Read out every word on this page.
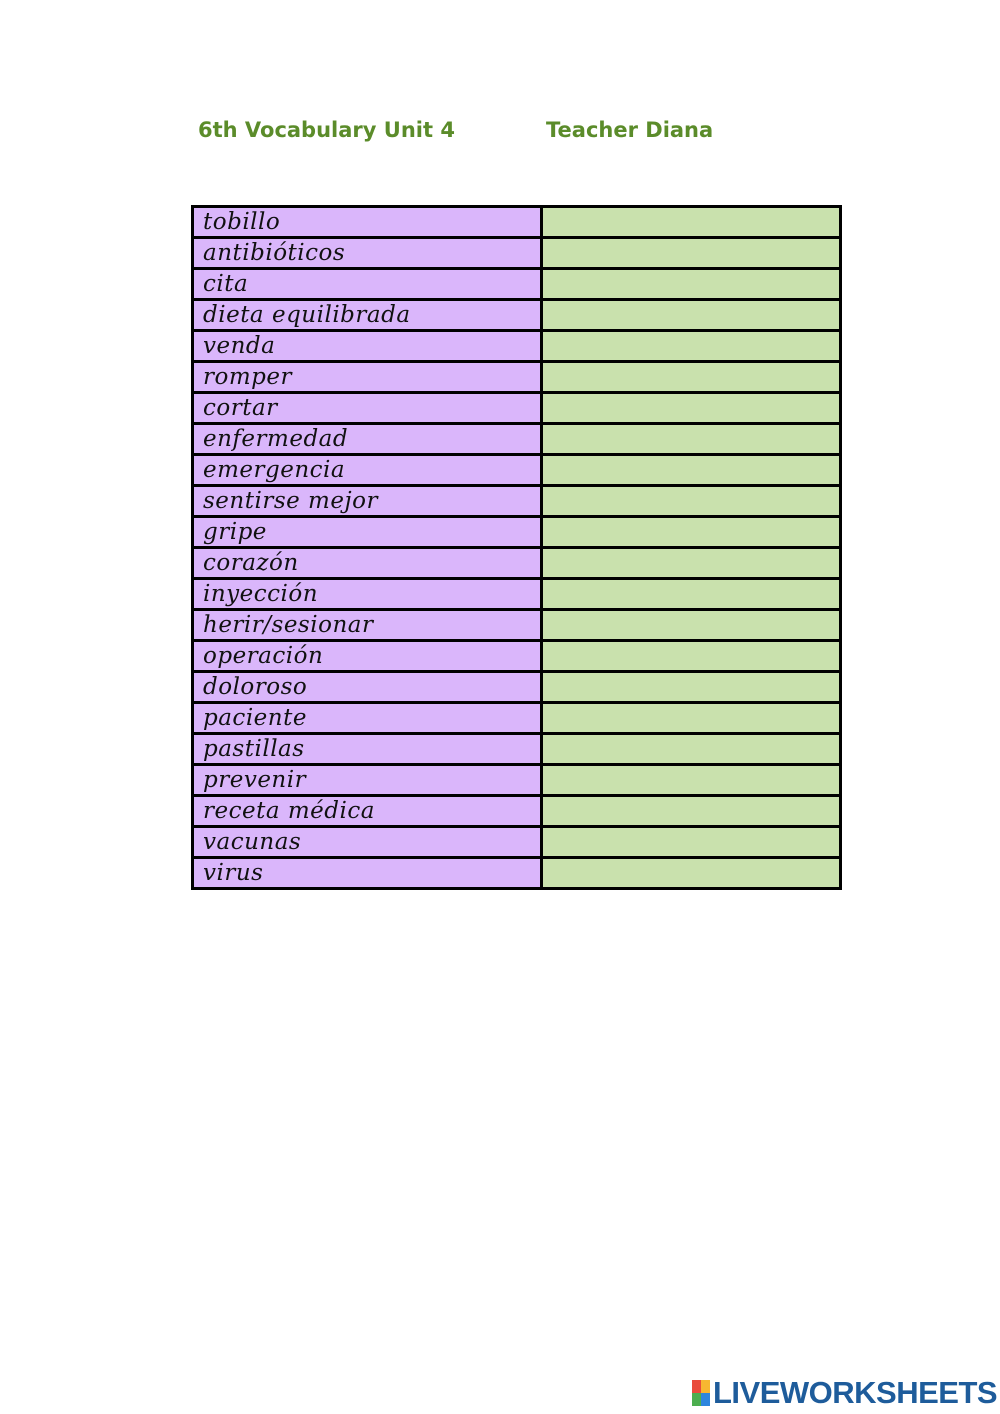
6th Vocabulary Unit 4	Teacher Diana
tobillo	
antibióticos	
cita	
dieta equilibrada	
venda	
romper	
cortar	
enfermedad	
emergencia	
sentirse mejor	
gripe	
corazón	
inyección	
herir/sesionar	
operación	
doloroso	
paciente	
pastillas	
prevenir	
receta médica	
vacunas	
virus	
LIVEWORKSHEETS
